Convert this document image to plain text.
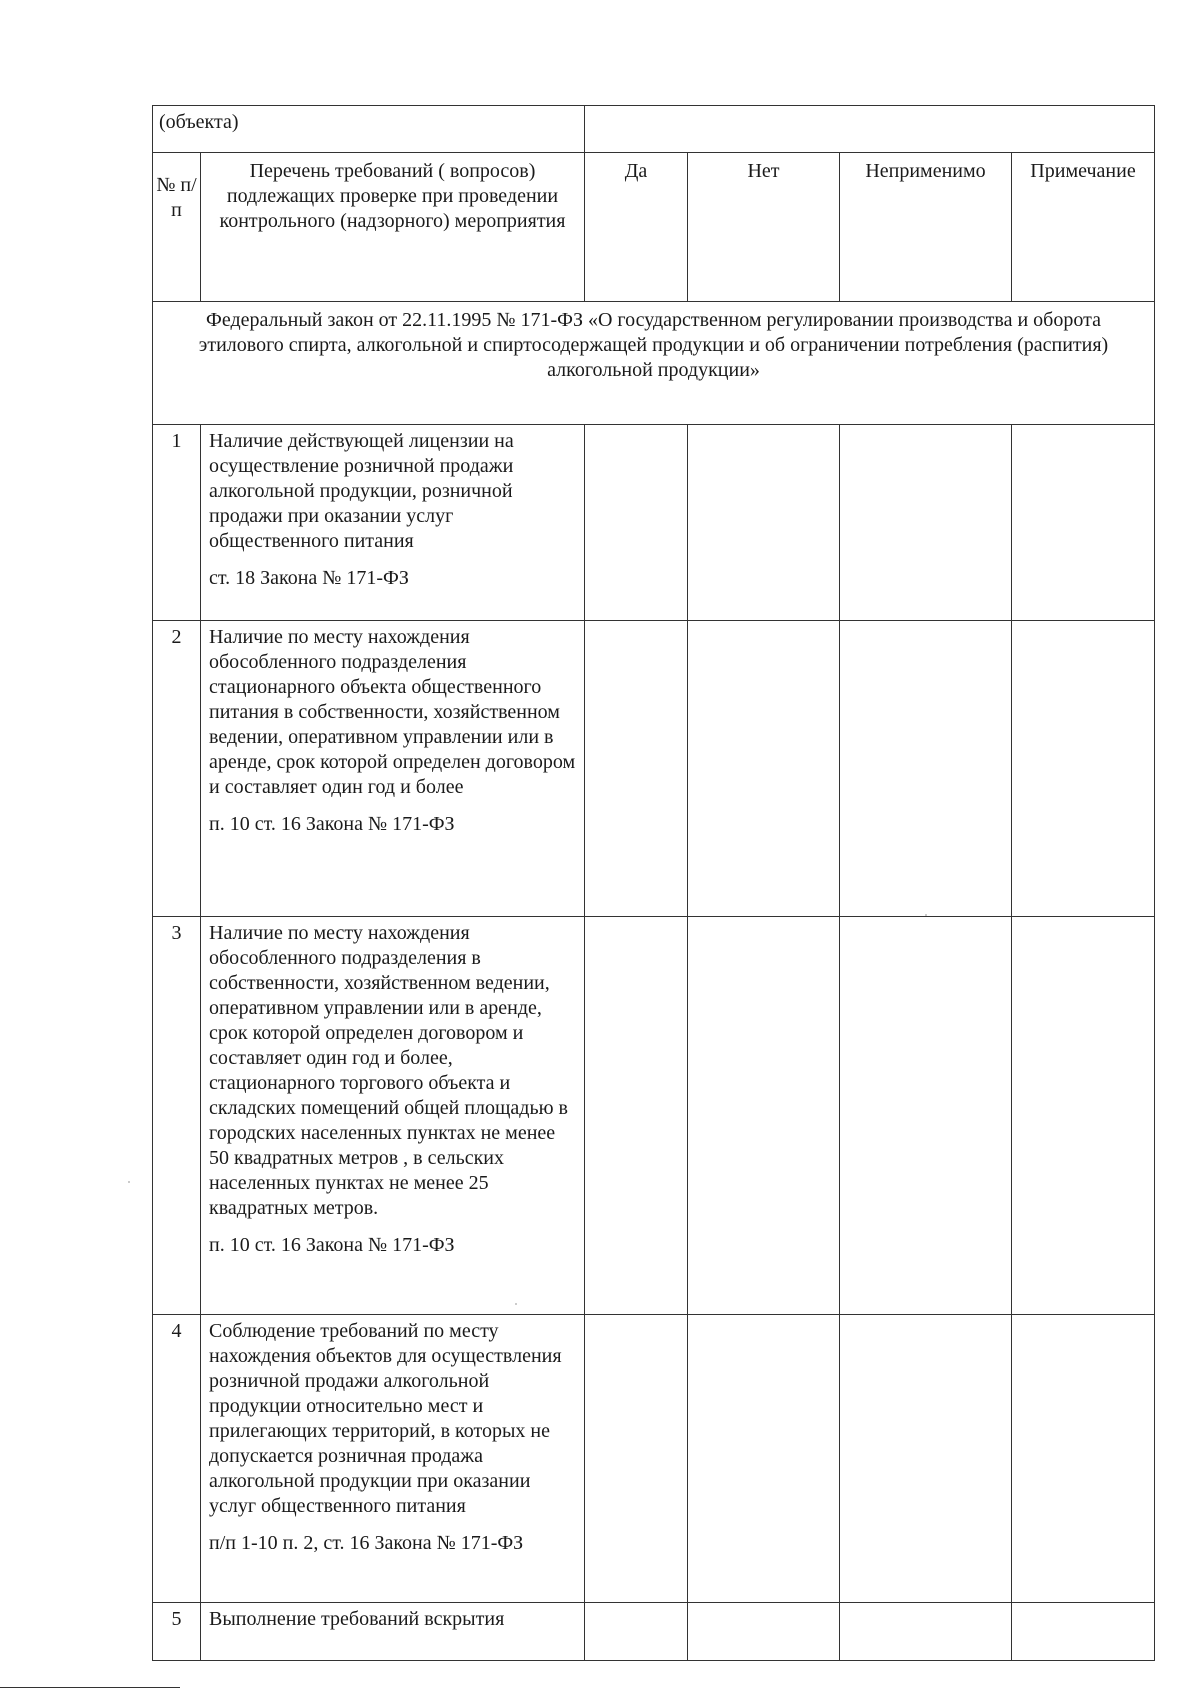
(объекта)					
№ п/п	Перечень требований ( вопросов) подлежащих проверке при проведении контрольного (надзорного) мероприятия	Да	Нет	Неприменимо	Примечание

Федеральный закон от 22.11.1995 № 171-ФЗ «О государственном регулировании производства и оборота этилового спирта, алкогольной и спиртосодержащей продукции и об ограничении потребления (распития) алкогольной продукции»					
1	Наличие действующей лицензии на осуществление розничной продажи алкогольной продукции, розничной продажи при оказании услуг общественного питания
ст. 18 Закона № 171-ФЗ				

2	Наличие по месту нахождения обособленного подразделения стационарного объекта общественного питания в собственности, хозяйственном ведении, оперативном управлении или в аренде, срок которой определен договором и составляет один год и более
п. 10 ст. 16 Закона № 171-ФЗ				

3	Наличие по месту нахождения обособленного подразделения в собственности, хозяйственном ведении, оперативном управлении или в аренде, срок которой определен договором и составляет один год и более, стационарного торгового объекта и складских помещений общей площадью в городских населенных пунктах не менее 50 квадратных метров , в сельских населенных пунктах не менее 25 квадратных метров.
п. 10 ст. 16 Закона № 171-ФЗ				

4	Соблюдение требований по месту нахождения объектов для осуществления розничной продажи алкогольной продукции относительно мест и прилегающих территорий, в которых не допускается розничная продажа алкогольной продукции при оказании услуг общественного питания
п/п 1-10 п. 2, ст. 16 Закона № 171-ФЗ				

5	Выполнение требований вскрытия				
